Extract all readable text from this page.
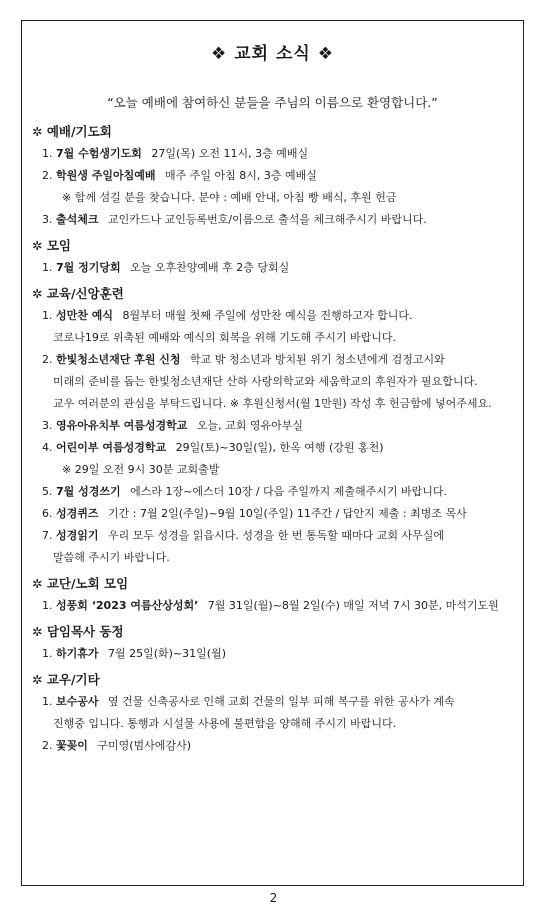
❖ 교회 소식 ❖
“오늘 예배에 참여하신 분들을 주님의 이름으로 환영합니다.”
✲ 예배/기도회
1. 7월 수험생기도회 27일(목) 오전 11시, 3층 예배실
2. 학원생 주일아침예배 매주 주일 아침 8시, 3층 예배실
※ 함께 섬길 분을 찾습니다. 분야 : 예배 안내, 아침 빵 배식, 후원 헌금
3. 출석체크 교인카드나 교인등록번호/이름으로 출석을 체크해주시기 바랍니다.
✲ 모임
1. 7월 정기당회 오늘 오후찬양예배 후 2층 당회실
✲ 교육/신앙훈련
1. 성만찬 예식 8월부터 매월 첫째 주일에 성만찬 예식을 진행하고자 합니다.
코로나19로 위축된 예배와 예식의 회복을 위해 기도해 주시기 바랍니다.
2. 한빛청소년재단 후원 신청 학교 밖 청소년과 방치된 위기 청소년에게 검정고시와
미래의 준비를 돕는 한빛청소년재단 산하 사랑의학교와 세움학교의 후원자가 필요합니다.
교우 여러분의 관심을 부탁드립니다. ※ 후원신청서(월 1만원) 작성 후 헌금함에 넣어주세요.
3. 영유아유치부 여름성경학교 오늘, 교회 영유아부실
4. 어린이부 여름성경학교 29일(토)~30일(일), 한옥 여행 (강원 홍천)
※ 29일 오전 9시 30분 교회출발
5. 7월 성경쓰기 에스라 1장~에스더 10장 / 다음 주일까지 제출해주시기 바랍니다.
6. 성경퀴즈 기간 : 7월 2일(주일)~9월 10일(주일) 11주간 / 답안지 제출 : 최병조 목사
7. 성경읽기 우리 모두 성경을 읽읍시다. 성경을 한 번 통독할 때마다 교회 사무실에
말씀해 주시기 바랍니다.
✲ 교단/노회 모임
1. 성풍회 ‘2023 여름산상성회’ 7월 31일(월)~8월 2일(수) 매일 저녁 7시 30분, 마석기도원
✲ 담임목사 동정
1. 하기휴가 7월 25일(화)~31일(월)
✲ 교우/기타
1. 보수공사 옆 건물 신축공사로 인해 교회 건물의 일부 피해 복구를 위한 공사가 계속
진행중 입니다. 통행과 시설물 사용에 불편함을 양해해 주시기 바랍니다.
2. 꽃꽂이 구미영(범사에감사)
2
